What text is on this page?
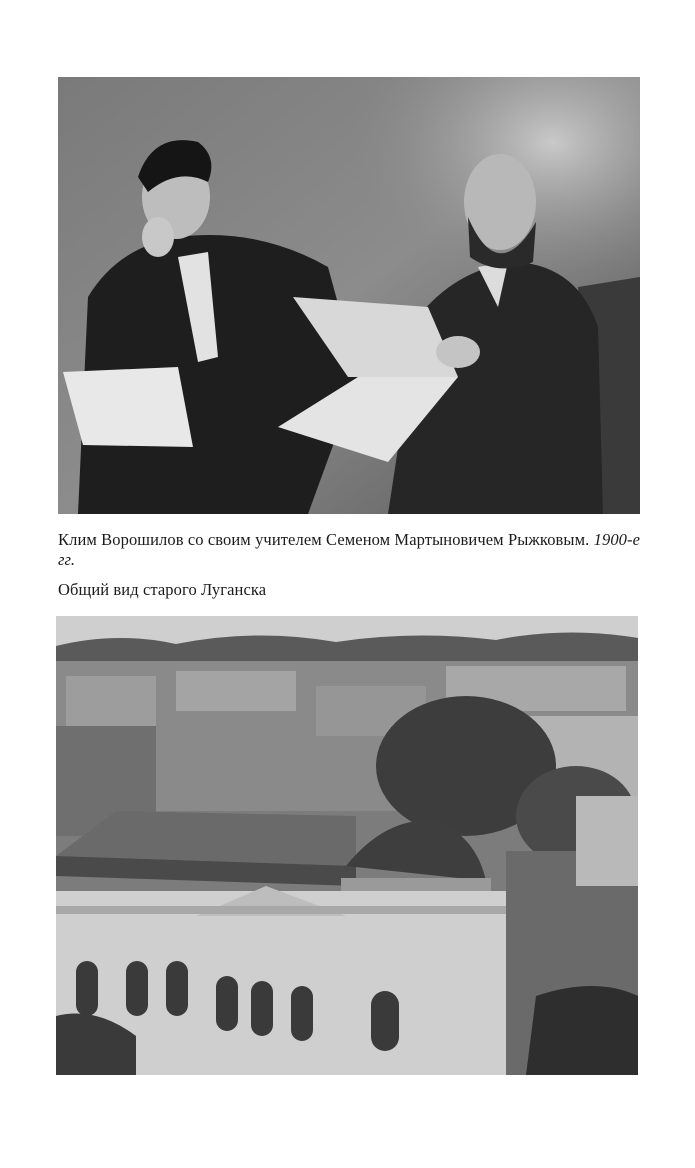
Клим Ворошилов со своим учителем Семеном Мартыновичем Рыжковым. 1900-е гг.
Общий вид старого Луганска
